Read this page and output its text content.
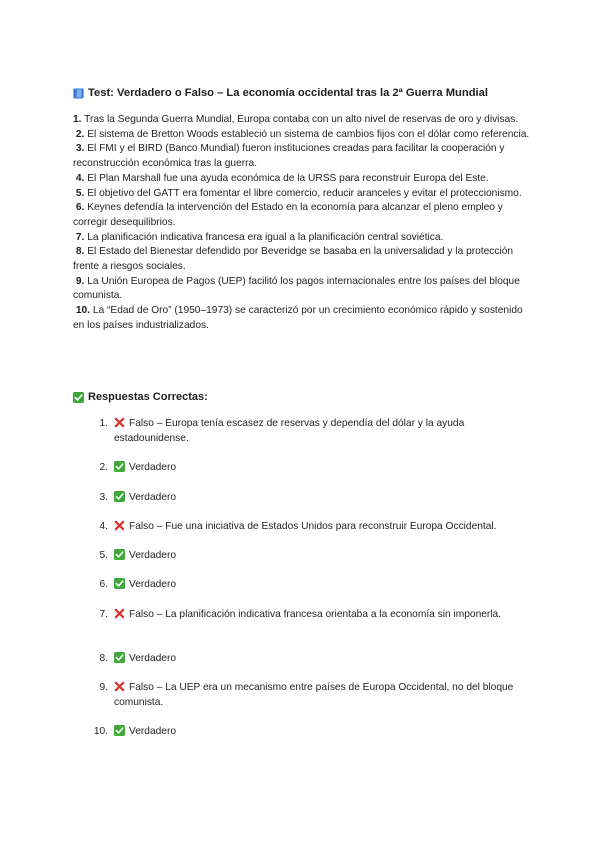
Test: Verdadero o Falso – La economía occidental tras la 2ª Guerra Mundial
1. Tras la Segunda Guerra Mundial, Europa contaba con un alto nivel de reservas de oro y divisas.
2. El sistema de Bretton Woods estableció un sistema de cambios fijos con el dólar como referencia.
3. El FMI y el BIRD (Banco Mundial) fueron instituciones creadas para facilitar la cooperación y reconstrucción económica tras la guerra.
4. El Plan Marshall fue una ayuda económica de la URSS para reconstruir Europa del Este.
5. El objetivo del GATT era fomentar el libre comercio, reducir aranceles y evitar el proteccionismo.
6. Keynes defendía la intervención del Estado en la economía para alcanzar el pleno empleo y corregir desequilibrios.
7. La planificación indicativa francesa era igual a la planificación central soviética.
8. El Estado del Bienestar defendido por Beveridge se basaba en la universalidad y la protección frente a riesgos sociales.
9. La Unión Europea de Pagos (UEP) facilitó los pagos internacionales entre los países del bloque comunista.
10. La “Edad de Oro” (1950–1973) se caracterizó por un crecimiento económico rápido y sostenido en los países industrializados.
Respuestas Correctas:
1.	Falso – Europa tenía escasez de reservas y dependía del dólar y la ayuda estadounidense.
2.	Verdadero
3.	Verdadero
4.	Falso – Fue una iniciativa de Estados Unidos para reconstruir Europa Occidental.
5.	Verdadero
6.	Verdadero
7.	Falso – La planificación indicativa francesa orientaba a la economía sin imponerla.
8.	Verdadero
9.	Falso – La UEP era un mecanismo entre países de Europa Occidental, no del bloque comunista.
10.	Verdadero
